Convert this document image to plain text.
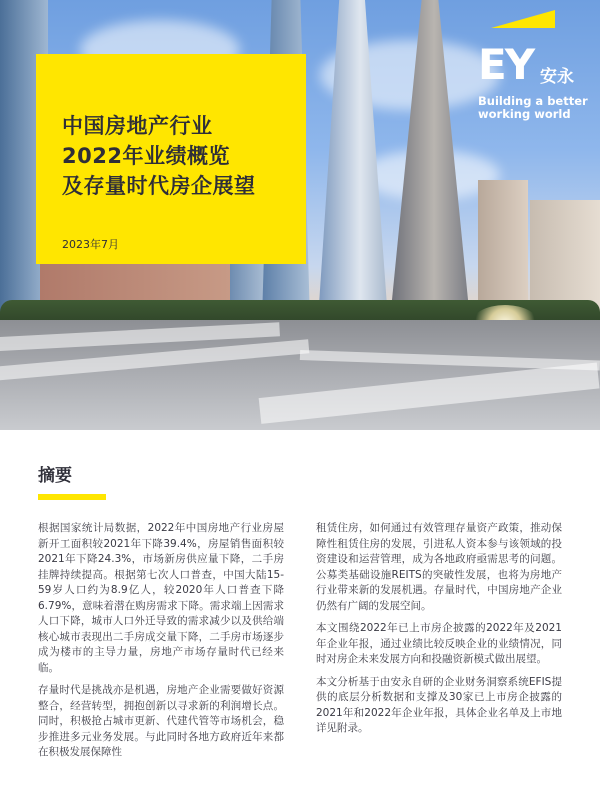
中国房地产行业
2022年业绩概览
及存量时代房企展望
2023年7月
EY 安永
Building a better
working world
摘要

根据国家统计局数据，2022年中国房地产行业房屋新开工面积较2021年下降39.4%，房屋销售面积较2021年下降24.3%，市场新房供应量下降，二手房挂牌持续提高。根据第七次人口普查，中国大陆15-59岁人口约为8.9亿人，较2020年人口普查下降6.79%，意味着潜在购房需求下降。需求端上因需求人口下降，城市人口外迁导致的需求减少以及供给端核心城市表现出二手房成交量下降，二手房市场逐步成为楼市的主导力量，房地产市场存量时代已经来临。

存量时代是挑战亦是机遇，房地产企业需要做好资源整合，经营转型，拥抱创新以寻求新的利润增长点。同时，积极抢占城市更新、代建代管等市场机会，稳步推进多元业务发展。与此同时各地方政府近年来都在积极发展保障性

租赁住房，如何通过有效管理存量资产政策，推动保障性租赁住房的发展，引进私人资本参与该领域的投资建设和运营管理，成为各地政府亟需思考的问题。公募类基础设施REITS的突破性发展，也将为房地产行业带来新的发展机遇。存量时代，中国房地产企业仍然有广阔的发展空间。

本文围绕2022年已上市房企披露的2022年及2021年企业年报，通过业绩比较反映企业的业绩情况，同时对房企未来发展方向和投融资新模式做出展望。

本文分析基于由安永自研的企业财务洞察系统EFIS提供的底层分析数据和支撑及30家已上市房企披露的2021年和2022年企业年报，具体企业名单及上市地详见附录。
